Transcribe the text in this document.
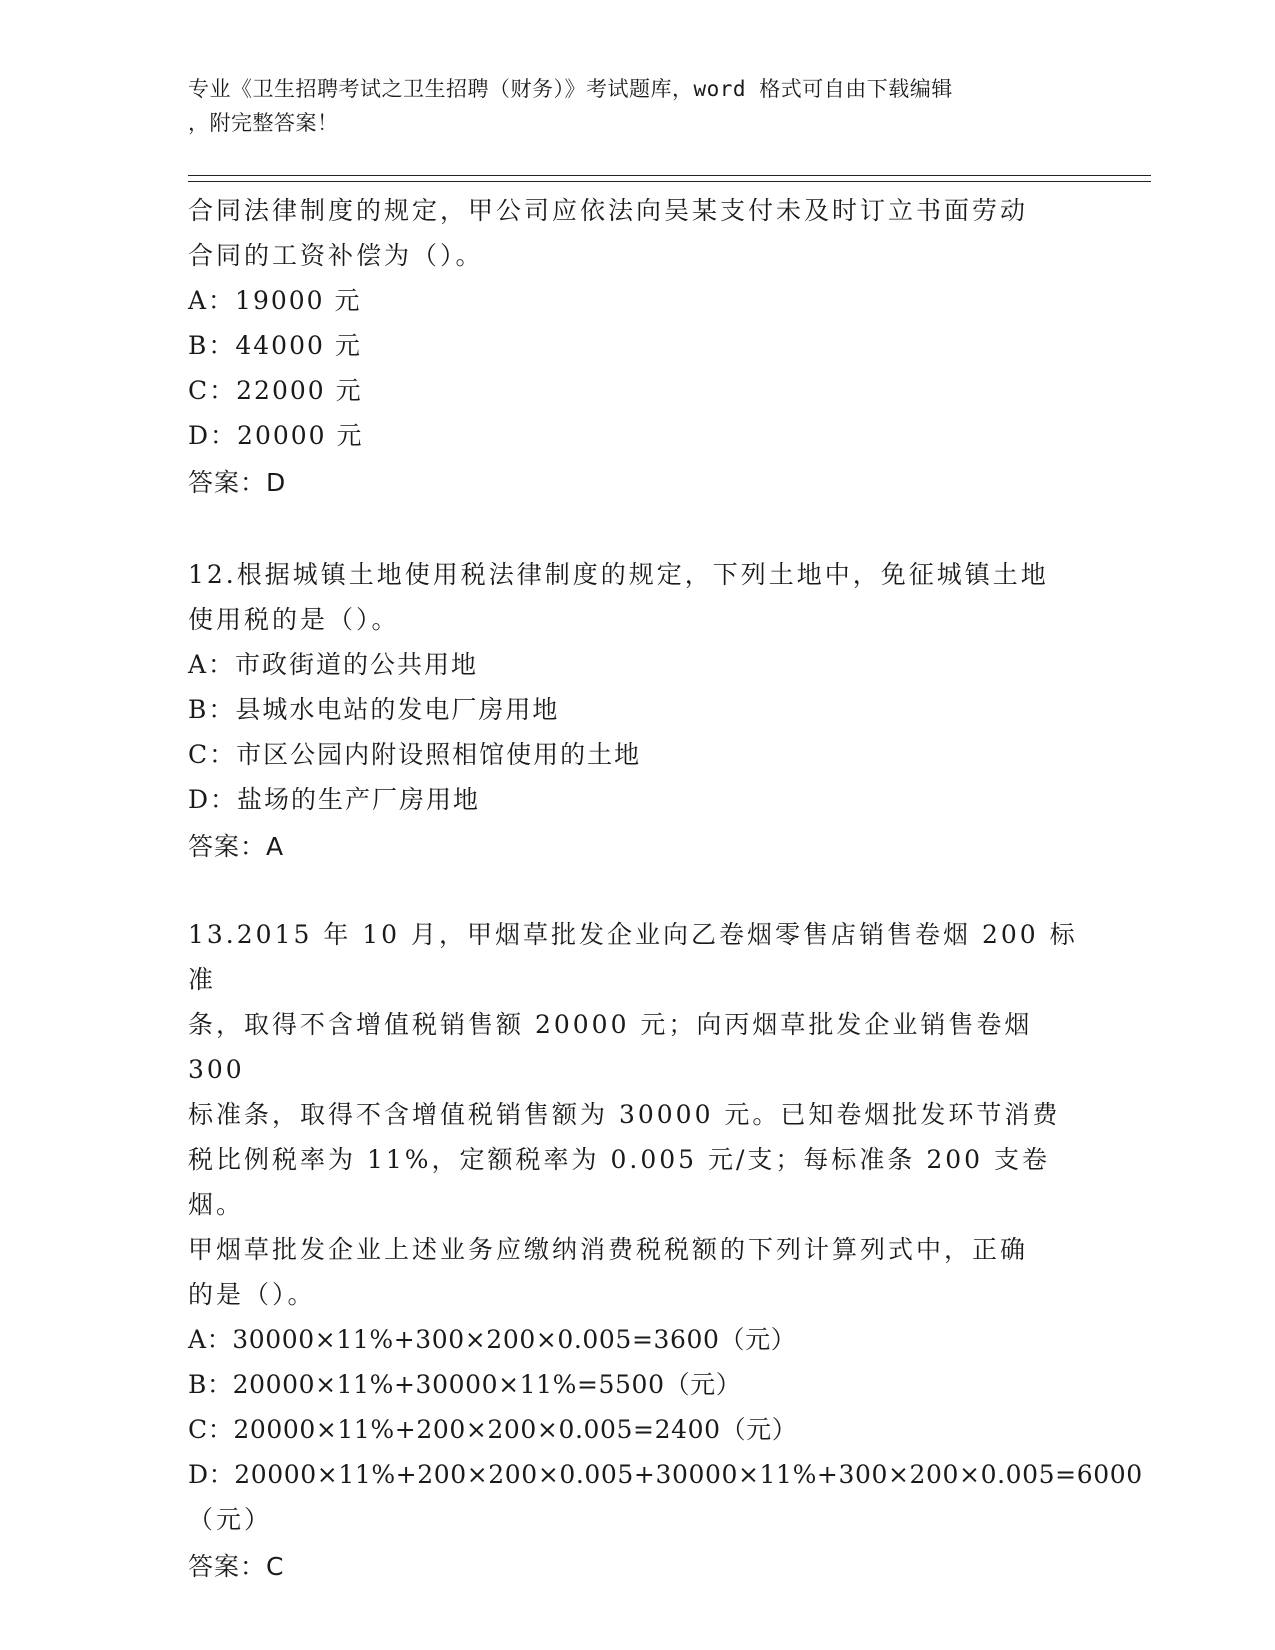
专业《卫生招聘考试之卫生招聘（财务）》考试题库，word 格式可自由下载编辑
，附完整答案！

合同法律制度的规定，甲公司应依法向吴某支付未及时订立书面劳动

合同的工资补偿为（）。

A：19000 元

B：44000 元

C：22000 元

D：20000 元

答案：D

12.根据城镇土地使用税法律制度的规定，下列土地中，免征城镇土地

使用税的是（）。

A：市政街道的公共用地

B：县城水电站的发电厂房用地

C：市区公园内附设照相馆使用的土地

D：盐场的生产厂房用地

答案：A

13.2015 年 10 月，甲烟草批发企业向乙卷烟零售店销售卷烟 200 标准

条，取得不含增值税销售额 20000 元；向丙烟草批发企业销售卷烟 300

标准条，取得不含增值税销售额为 30000 元。已知卷烟批发环节消费

税比例税率为 11%，定额税率为 0.005 元/支；每标准条 200 支卷烟。

甲烟草批发企业上述业务应缴纳消费税税额的下列计算列式中，正确

的是（）。

A：30000×11%+300×200×0.005=3600（元）

B：20000×11%+30000×11%=5500（元）

C：20000×11%+200×200×0.005=2400（元）

D：20000×11%+200×200×0.005+30000×11%+300×200×0.005=6000

（元）

答案：C
